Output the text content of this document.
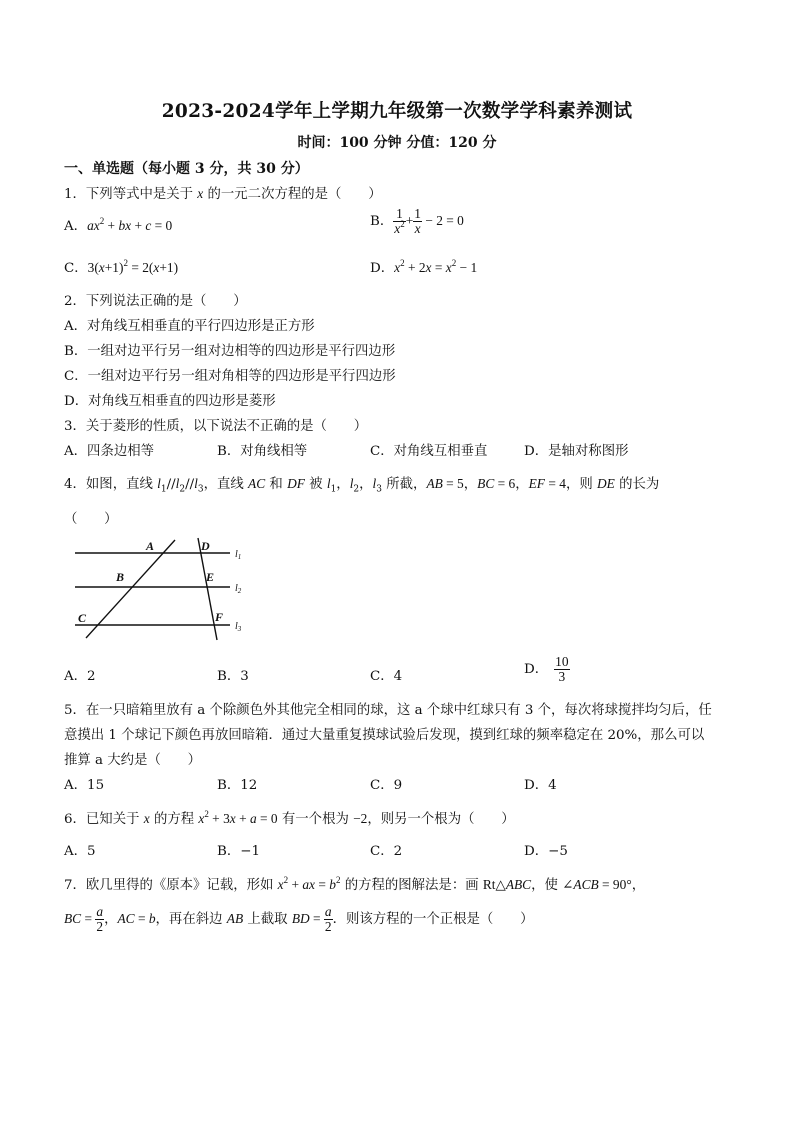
2023-2024学年上学期九年级第一次数学学科素养测试
时间：100 分钟 分值：120 分
一、单选题（每小题 3 分，共 30 分）
1．下列等式中是关于 x 的一元二次方程的是（　　）
A．$ax^2$ + bx + c = 0	B． $\frac{1}{x^2} + \frac{1}{x} - 2 = 0$
C．$3(x+1)^2 = 2(x+1)$	D．$x^2 + 2x = x^2 - 1$
2．下列说法正确的是（　　）
A．对角线互相垂直的平行四边形是正方形
B．一组对边平行另一组对边相等的四边形是平行四边形
C．一组对边平行另一组对角相等的四边形是平行四边形
D．对角线互相垂直的四边形是菱形
3．关于菱形的性质，以下说法不正确的是（　　）
A．四条边相等	B．对角线相等	C．对角线互相垂直	D．是轴对称图形
4．如图，直线 $l_1//l_2//l_3$，直线 AC 和 DF 被 $l_1$，$l_2$，$l_3$ 所截，AB = 5，BC = 6，EF = 4，则 DE 的长为
（　　）
A
B
C
D
E
F
$l_1$
$l_2$
$l_3$
A．2	B．3	C．4	D． $\frac{10}{3}$
5．在一只暗箱里放有 a 个除颜色外其他完全相同的球，这 a 个球中红球只有 3 个，每次将球搅拌均匀后，任
意摸出 1 个球记下颜色再放回暗箱．通过大量重复摸球试验后发现，摸到红球的频率稳定在 20%，那么可以
推算 a 大约是（　　）
A．15	B．12	C．9	D．4
6．已知关于 x 的方程 $x^2 + 3x + a = 0$ 有一个根为 −2，则另一个根为（　　）
A．5	B．−1	C．2	D．−5
7．欧几里得的《原本》记载，形如 $x^2$ + ax = $b^2$ 的方程的图解法是：画 Rt△ABC，使 ∠ACB = 90°，
BC = $\frac{a}{2}$ ，AC = b，再在斜边 AB 上截取 BD = $\frac{a}{2}$ ．则该方程的一个正根是（　　）
